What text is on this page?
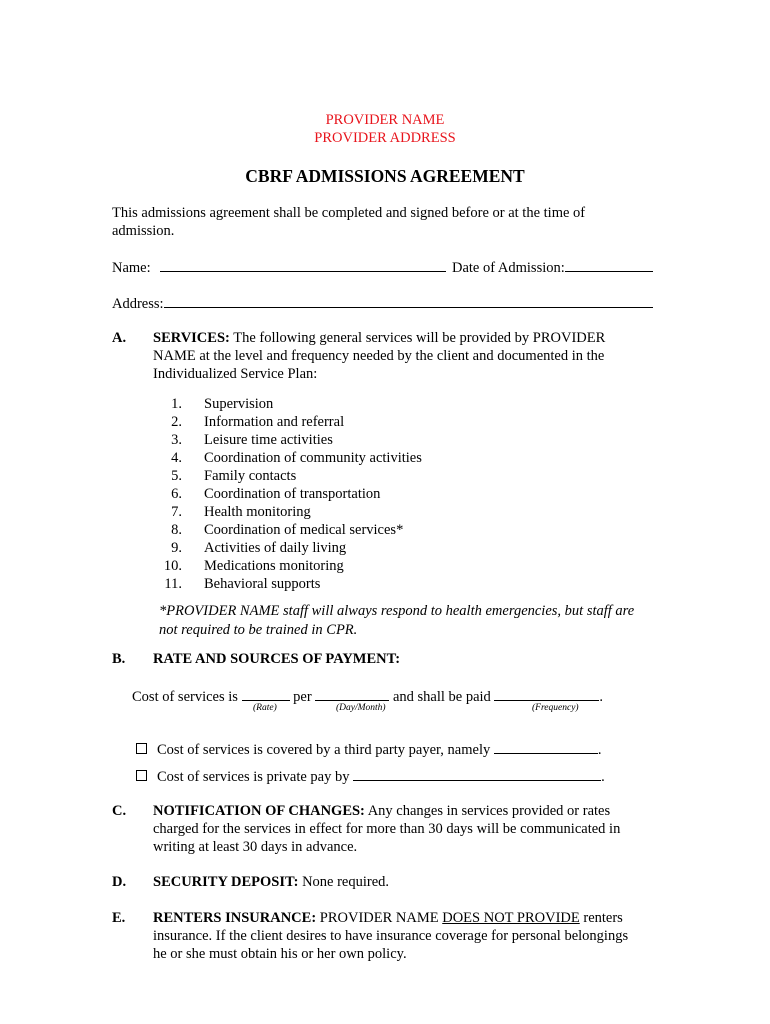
PROVIDER NAME
PROVIDER ADDRESS
CBRF ADMISSIONS AGREEMENT
This admissions agreement shall be completed and signed before or at the time of
admission.
Name:	Date of Admission:
Address:
A. SERVICES: The following general services will be provided by PROVIDER
NAME at the level and frequency needed by the client and documented in the
Individualized Service Plan:
1. Supervision
2. Information and referral
3. Leisure time activities
4. Coordination of community activities
5. Family contacts
6. Coordination of transportation
7. Health monitoring
8. Coordination of medical services*
9. Activities of daily living
10. Medications monitoring
11. Behavioral supports
*PROVIDER NAME staff will always respond to health emergencies, but staff are
not required to be trained in CPR.
B. RATE AND SOURCES OF PAYMENT:
Cost of services is	per	and shall be paid	.
(Rate)	(Day/Month)	(Frequency)
Cost of services is covered by a third party payer, namely	.
Cost of services is private pay by	.
C. NOTIFICATION OF CHANGES: Any changes in services provided or rates
charged for the services in effect for more than 30 days will be communicated in
writing at least 30 days in advance.
D. SECURITY DEPOSIT: None required.
E. RENTERS INSURANCE: PROVIDER NAME DOES NOT PROVIDE renters
insurance. If the client desires to have insurance coverage for personal belongings
he or she must obtain his or her own policy.
